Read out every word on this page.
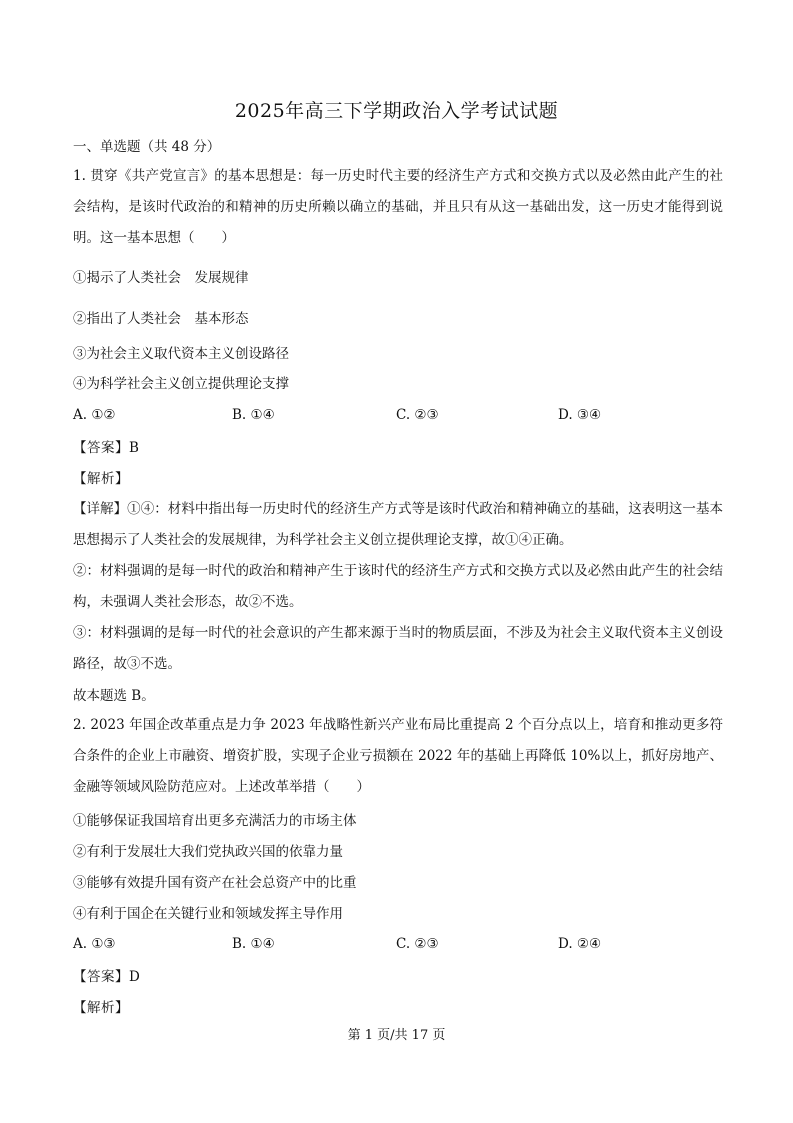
2025年高三下学期政治入学考试试题
一、单选题（共 48 分）
1. 贯穿《共产党宣言》的基本思想是：每一历史时代主要的经济生产方式和交换方式以及必然由此产生的社会结构，是该时代政治的和精神的历史所赖以确立的基础，并且只有从这一基础出发，这一历史才能得到说明。这一基本思想（　　）
①揭示了人类社会　发展规律
②指出了人类社会　基本形态
③为社会主义取代资本主义创设路径
④为科学社会主义创立提供理论支撑
A. ①②	B. ①④	C. ②③	D. ③④
【答案】B
【解析】
【详解】①④：材料中指出每一历史时代的经济生产方式等是该时代政治和精神确立的基础，这表明这一基本思想揭示了人类社会的发展规律，为科学社会主义创立提供理论支撑，故①④正确。
②：材料强调的是每一时代的政治和精神产生于该时代的经济生产方式和交换方式以及必然由此产生的社会结构，未强调人类社会形态，故②不选。
③：材料强调的是每一时代的社会意识的产生都来源于当时的物质层面，不涉及为社会主义取代资本主义创设路径，故③不选。
故本题选 B。
2. 2023 年国企改革重点是力争 2023 年战略性新兴产业布局比重提高 2 个百分点以上，培育和推动更多符合条件的企业上市融资、增资扩股，实现子企业亏损额在 2022 年的基础上再降低 10%以上，抓好房地产、金融等领域风险防范应对。上述改革举措（　　）
①能够保证我国培育出更多充满活力的市场主体
②有利于发展壮大我们党执政兴国的依靠力量
③能够有效提升国有资产在社会总资产中的比重
④有利于国企在关键行业和领域发挥主导作用
A. ①③	B. ①④	C. ②③	D. ②④
【答案】D
【解析】
第 1 页/共 17 页
